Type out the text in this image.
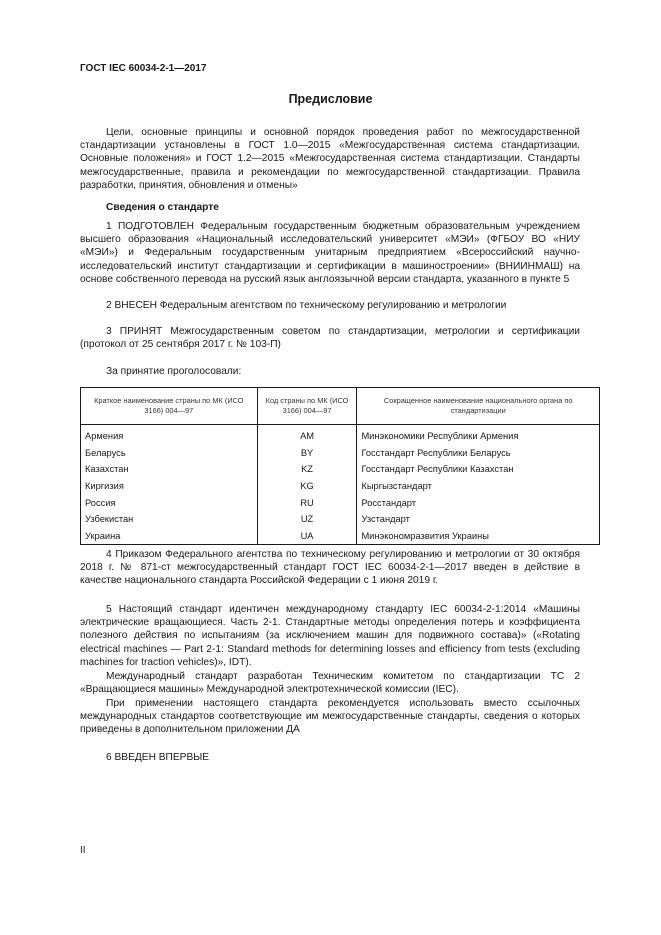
ГОСТ IEC 60034-2-1—2017
Предисловие
Цели, основные принципы и основной порядок проведения работ по межгосударственной стандартизации установлены в ГОСТ 1.0—2015 «Межгосударственная система стандартизации. Основные положения» и ГОСТ 1.2—2015 «Межгосударственная система стандартизации. Стандарты межгосударственные, правила и рекомендации по межгосударственной стандартизации. Правила разработки, принятия, обновления и отмены»
Сведения о стандарте
1 ПОДГОТОВЛЕН Федеральным государственным бюджетным образовательным учреждением высшего образования «Национальный исследовательский университет «МЭИ» (ФГБОУ ВО «НИУ «МЭИ») и Федеральным государственным унитарным предприятием «Всероссийский научно-исследовательский институт стандартизации и сертификации в машиностроении» (ВНИИНМАШ) на основе собственного перевода на русский язык англоязычной версии стандарта, указанного в пункте 5
2 ВНЕСЕН Федеральным агентством по техническому регулированию и метрологии
3 ПРИНЯТ Межгосударственным советом по стандартизации, метрологии и сертификации (протокол от 25 сентября 2017 г. № 103-П)
За принятие проголосовали:
Краткое наименование страны по МК (ИСО 3166) 004—97	Код страны по МК (ИСО 3166) 004—97	Сокращенное наименование национального органа по стандартизации
Армения	AM	Минэкономики Республики Армения
Беларусь	BY	Госстандарт Республики Беларусь
Казахстан	KZ	Госстандарт Республики Казахстан
Киргизия	KG	Кыргызстандарт
Россия	RU	Росстандарт
Узбекистан	UZ	Узстандарт
Украина	UA	Минэкономразвития Украины
4 Приказом Федерального агентства по техническому регулированию и метрологии от 30 октября 2018 г. № 871-ст межгосударственный стандарт ГОСТ IEC 60034-2-1—2017 введен в действие в качестве национального стандарта Российской Федерации с 1 июня 2019 г.
5 Настоящий стандарт идентичен международному стандарту IEC 60034-2-1:2014 «Машины электрические вращающиеся. Часть 2-1. Стандартные методы определения потерь и коэффициента полезного действия по испытаниям (за исключением машин для подвижного состава)» («Rotating electrical machines — Part 2-1: Standard methods for determining losses and efficiency from tests (excluding machines for traction vehicles)», IDT).
Международный стандарт разработан Техническим комитетом по стандартизации ТС 2 «Вращающиеся машины» Международной электротехнической комиссии (IEC).
При применении настоящего стандарта рекомендуется использовать вместо ссылочных международных стандартов соответствующие им межгосударственные стандарты, сведения о которых приведены в дополнительном приложении ДА
6 ВВЕДЕН ВПЕРВЫЕ
II
